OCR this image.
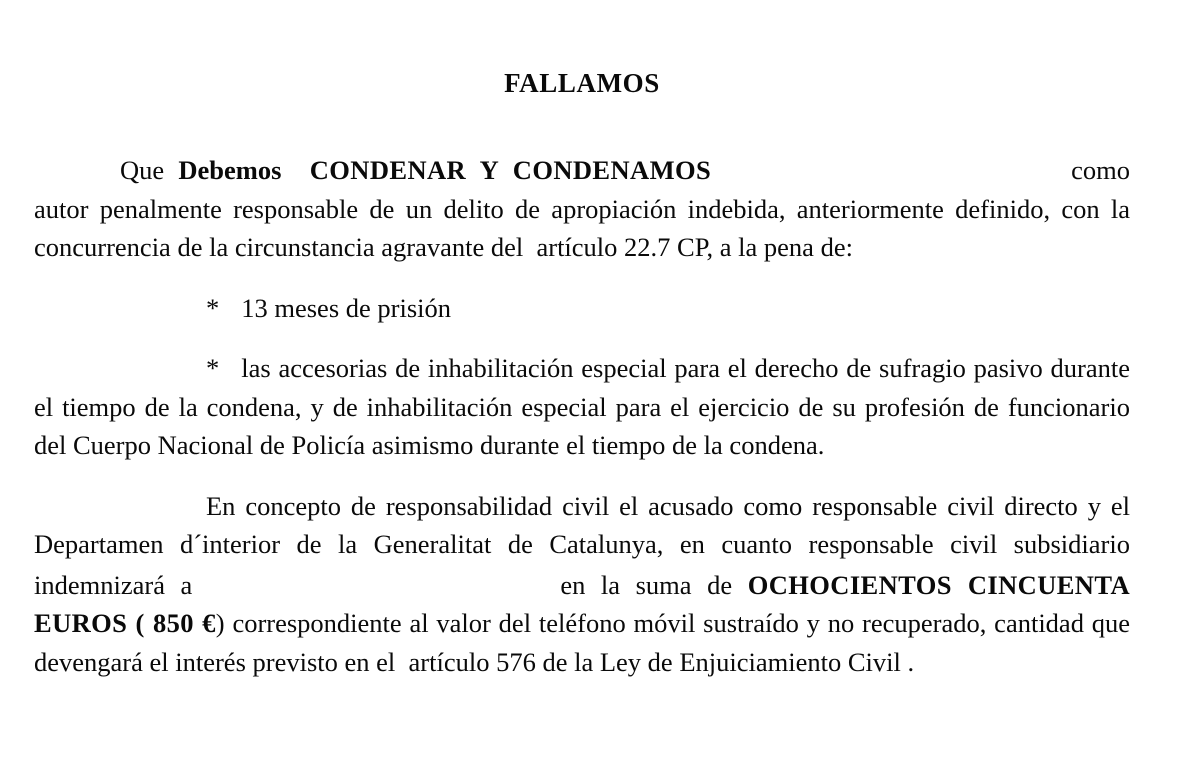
FALLAMOS

Que Debemos CONDENAR Y CONDENAMOS	como autor penalmente responsable de un delito de apropiación indebida, anteriormente definido, con la concurrencia de la circunstancia agravante del artículo 22.7 CP, a la pena de:

* 13 meses de prisión

* las accesorias de inhabilitación especial para el derecho de sufragio pasivo durante el tiempo de la condena, y de inhabilitación especial para el ejercicio de su profesión de funcionario del Cuerpo Nacional de Policía asimismo durante el tiempo de la condena.

En concepto de responsabilidad civil el acusado como responsable civil directo y el Departamen d´interior de la Generalitat de Catalunya, en cuanto responsable civil subsidiario indemnizará a	en la suma de OCHOCIENTOS CINCUENTA EUROS ( 850 €) correspondiente al valor del teléfono móvil sustraído y no recuperado, cantidad que devengará el interés previsto en el artículo 576 de la Ley de Enjuiciamiento Civil .
